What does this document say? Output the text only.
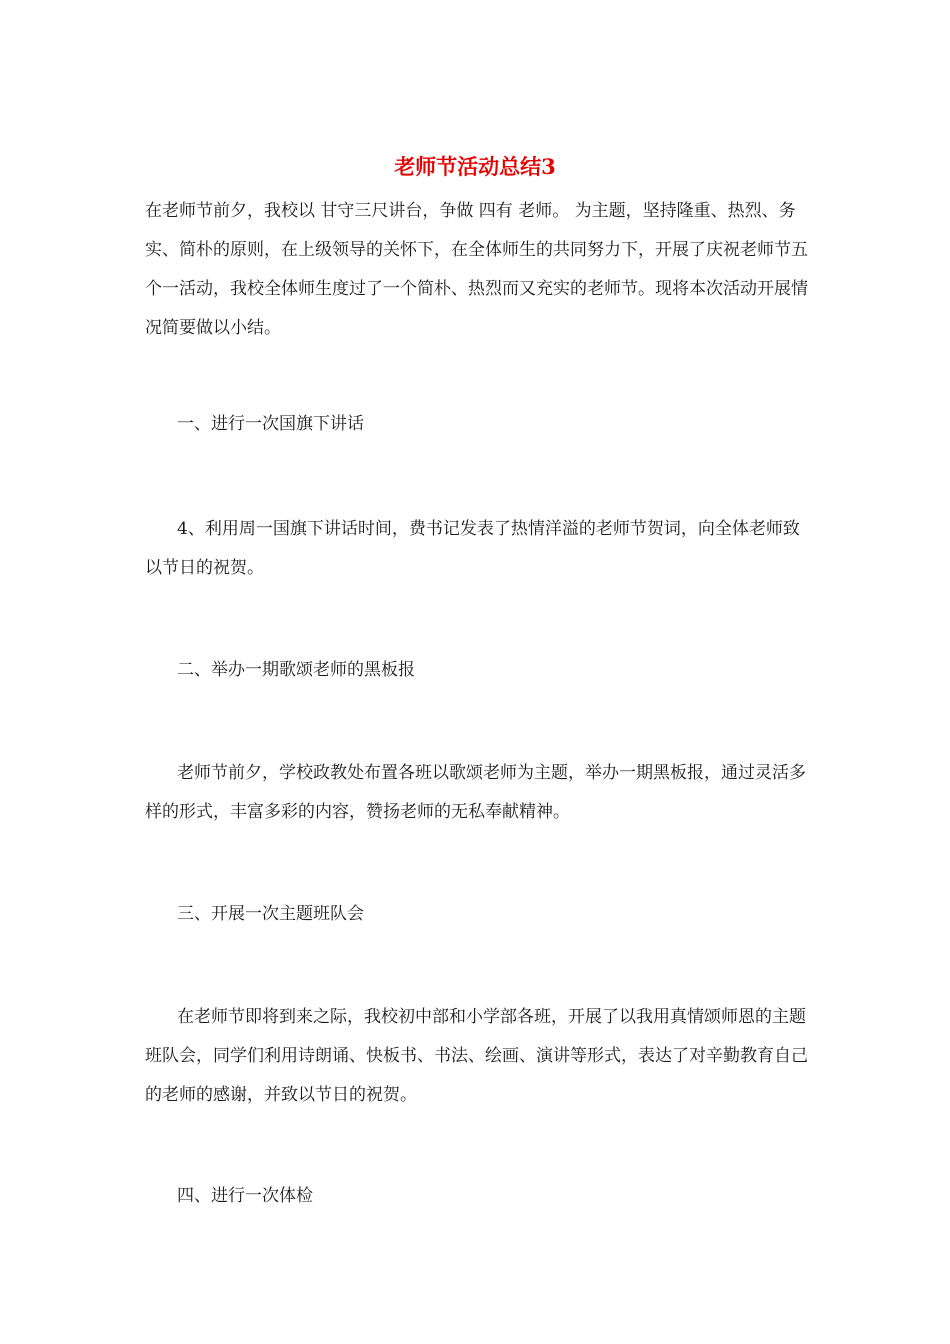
老师节活动总结3

在老师节前夕，我校以 甘守三尺讲台，争做 四有 老师。 为主题，坚持隆重、热烈、务实、简朴的原则，在上级领导的关怀下，在全体师生的共同努力下，开展了庆祝老师节五个一活动，我校全体师生度过了一个简朴、热烈而又充实的老师节。现将本次活动开展情况简要做以小结。

一、进行一次国旗下讲话

4、利用周一国旗下讲话时间，费书记发表了热情洋溢的老师节贺词，向全体老师致以节日的祝贺。

二、举办一期歌颂老师的黑板报

老师节前夕，学校政教处布置各班以歌颂老师为主题，举办一期黑板报，通过灵活多样的形式，丰富多彩的内容，赞扬老师的无私奉献精神。

三、开展一次主题班队会

在老师节即将到来之际，我校初中部和小学部各班，开展了以我用真情颂师恩的主题班队会，同学们利用诗朗诵、快板书、书法、绘画、演讲等形式，表达了对辛勤教育自己的老师的感谢，并致以节日的祝贺。

四、进行一次体检
